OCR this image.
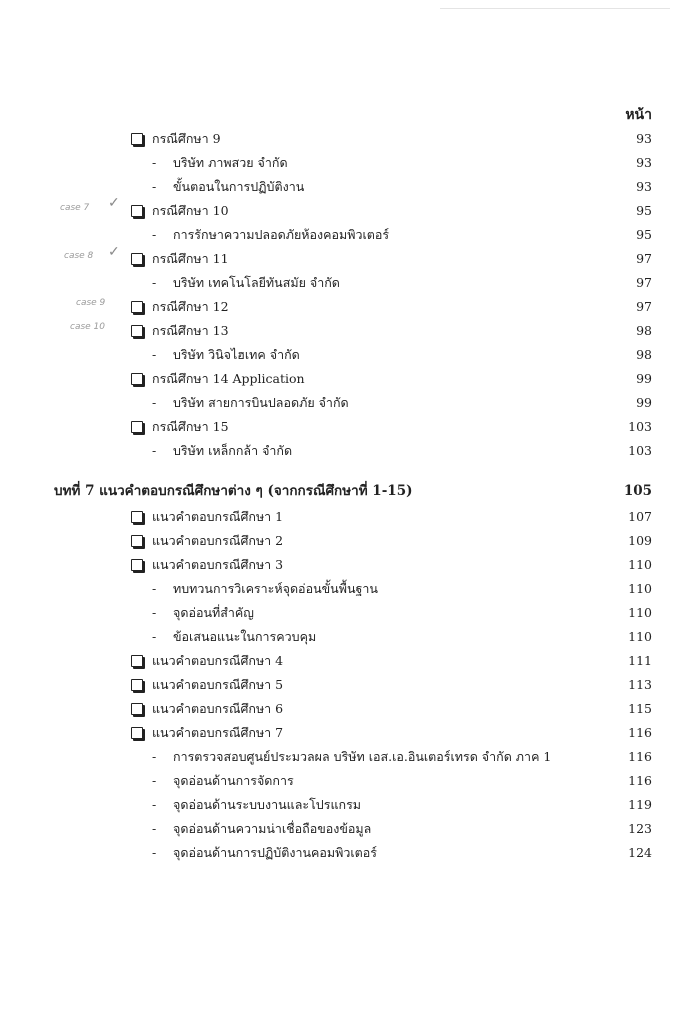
หน้า
กรณีศึกษา 9	93
- บริษัท ภาพสวย จำกัด	93
- ขั้นตอนในการปฏิบัติงาน	93
กรณีศึกษา 10	95
- การรักษาความปลอดภัยห้องคอมพิวเตอร์	95
กรณีศึกษา 11	97
- บริษัท เทคโนโลยีทันสมัย จำกัด	97
กรณีศึกษา 12	97
กรณีศึกษา 13	98
- บริษัท วินิจไฮเทค จำกัด	98
กรณีศึกษา 14 Application	99
- บริษัท สายการบินปลอดภัย จำกัด	99
กรณีศึกษา 15	103
- บริษัท เหล็กกล้า จำกัด	103
บทที่ 7 แนวคำตอบกรณีศึกษาต่าง ๆ (จากกรณีศึกษาที่ 1-15)	105
แนวคำตอบกรณีศึกษา 1	107
แนวคำตอบกรณีศึกษา 2	109
แนวคำตอบกรณีศึกษา 3	110
- ทบทวนการวิเคราะห์จุดอ่อนขั้นพื้นฐาน	110
- จุดอ่อนที่สำคัญ	110
- ข้อเสนอแนะในการควบคุม	110
แนวคำตอบกรณีศึกษา 4	111
แนวคำตอบกรณีศึกษา 5	113
แนวคำตอบกรณีศึกษา 6	115
แนวคำตอบกรณีศึกษา 7	116
- การตรวจสอบศูนย์ประมวลผล บริษัท เอส.เอ.อินเตอร์เทรด จำกัด ภาค 1	116
- จุดอ่อนด้านการจัดการ	116
- จุดอ่อนด้านระบบงานและโปรแกรม	119
- จุดอ่อนด้านความน่าเชื่อถือของข้อมูล	123
- จุดอ่อนด้านการปฏิบัติงานคอมพิวเตอร์	124
case 7 ✓
case 8 ✓
case 9
case 10
